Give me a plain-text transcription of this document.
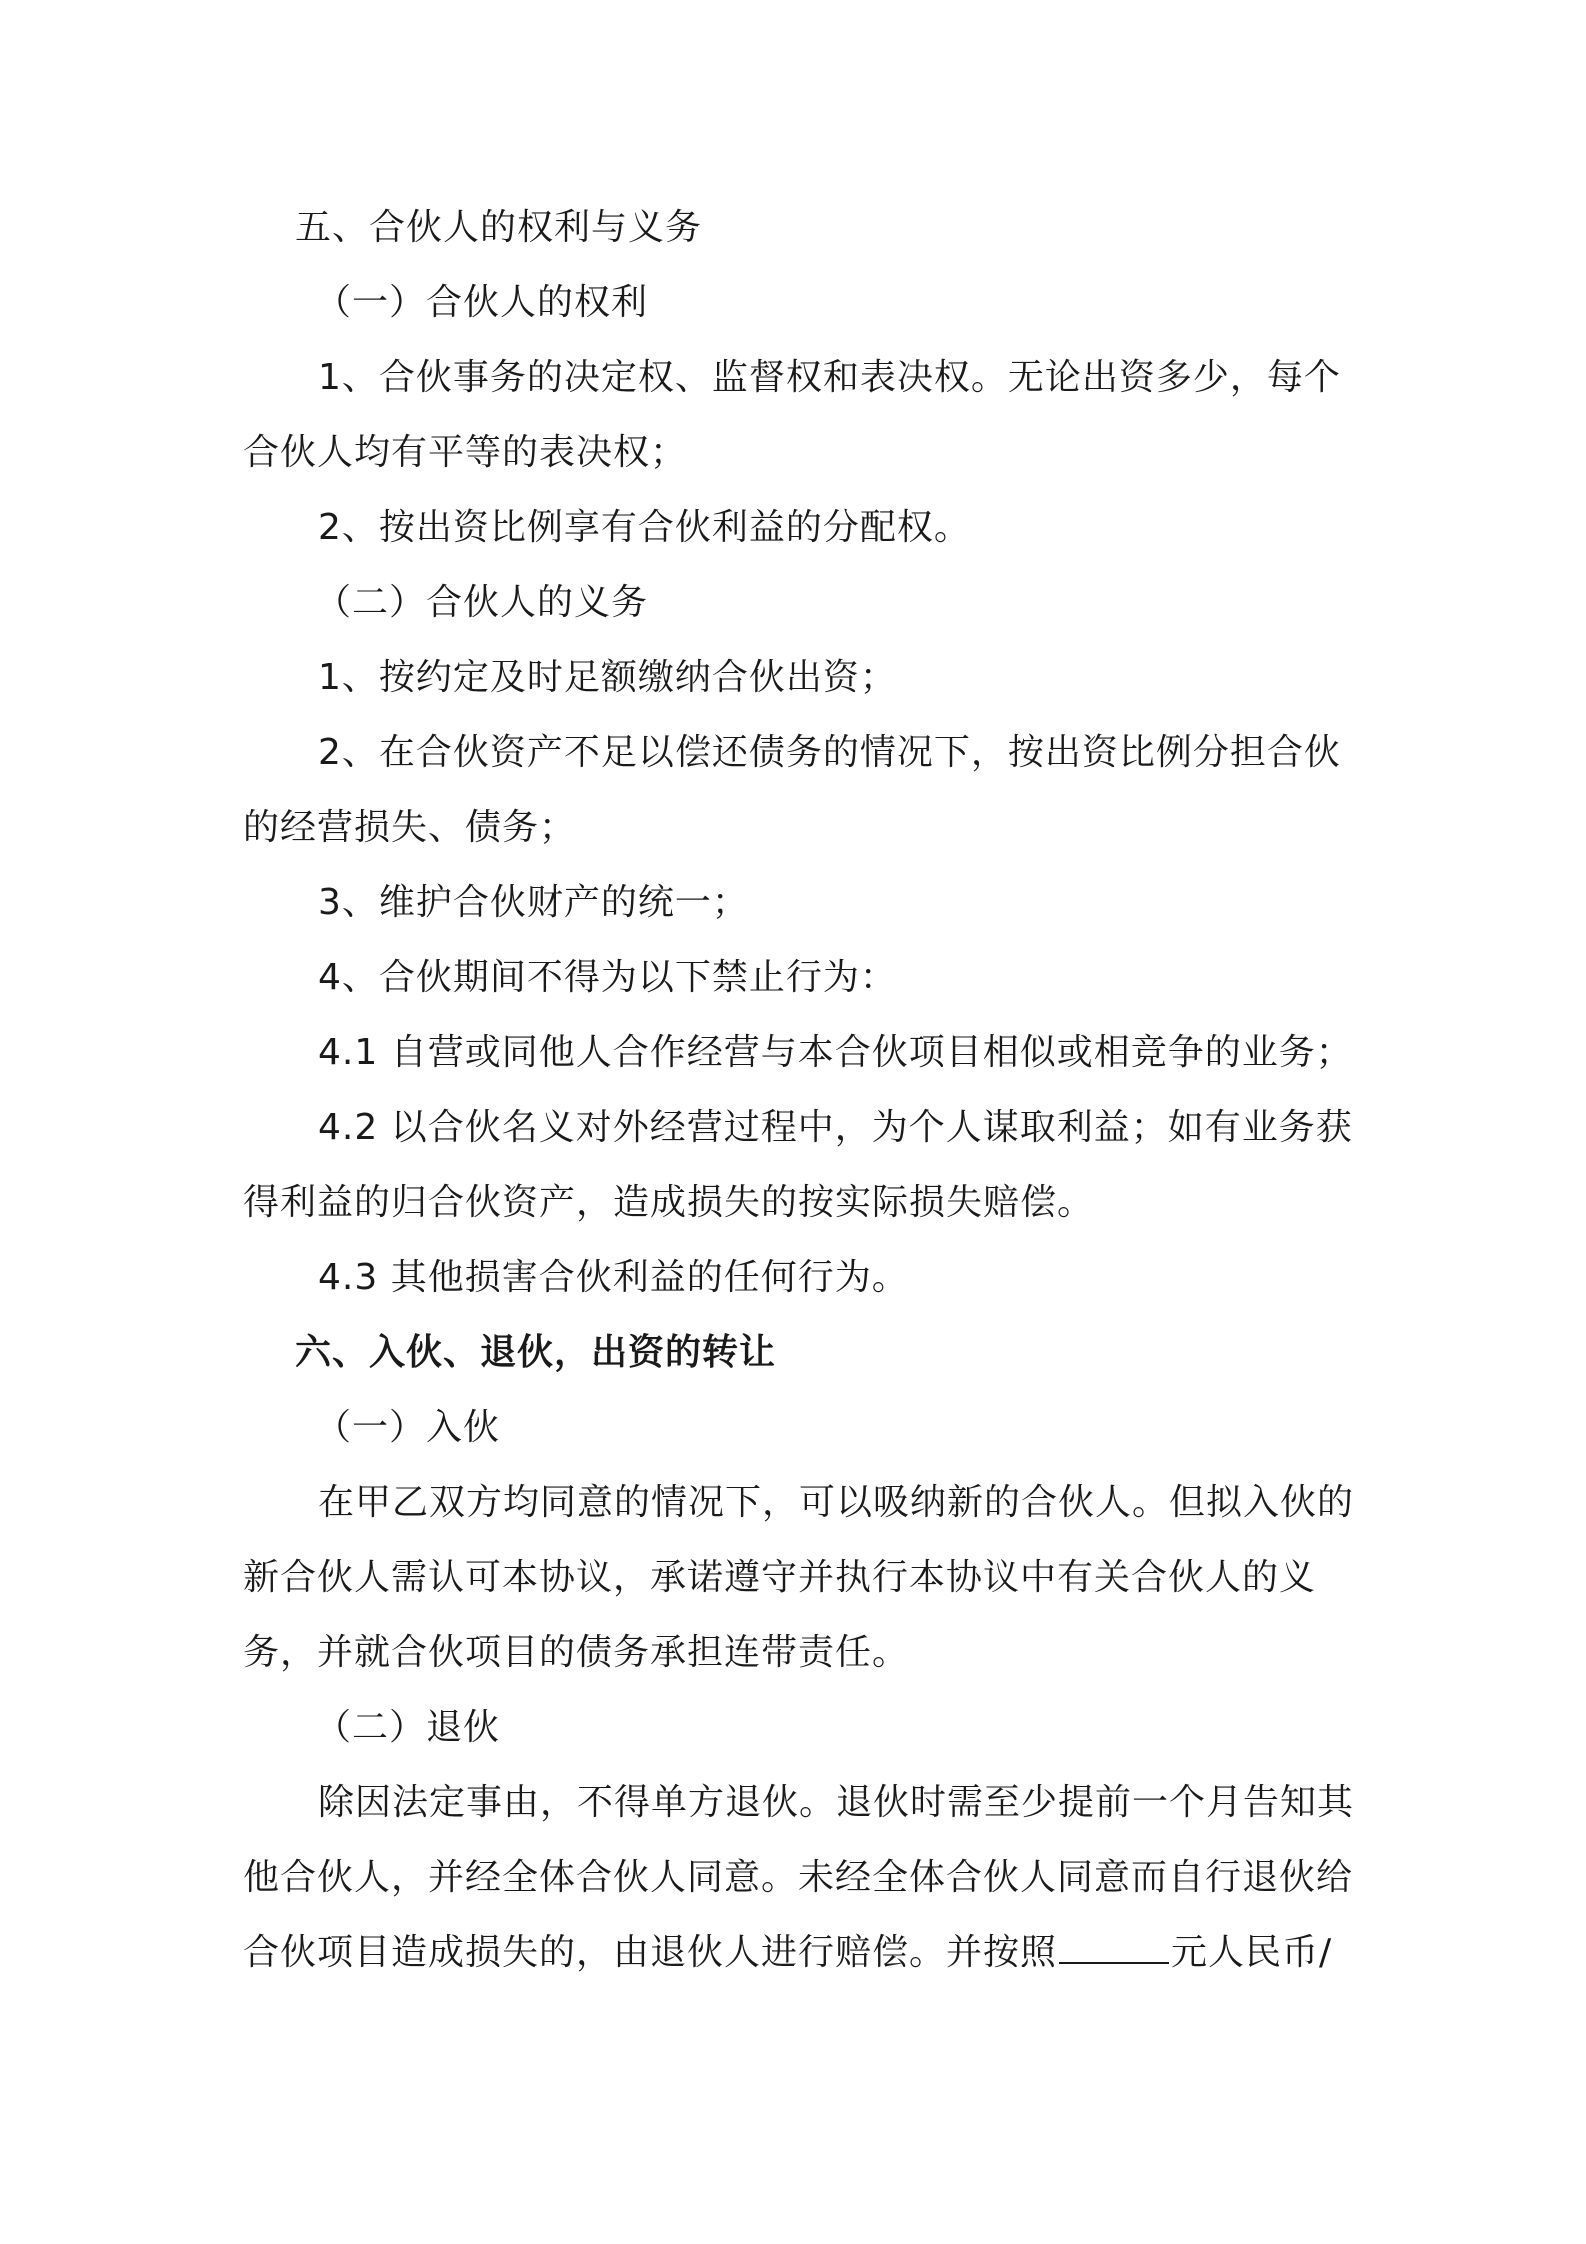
五、合伙人的权利与义务
（一）合伙人的权利
1、合伙事务的决定权、监督权和表决权。无论出资多少，每个
合伙人均有平等的表决权；
2、按出资比例享有合伙利益的分配权。
（二）合伙人的义务
1、按约定及时足额缴纳合伙出资；
2、在合伙资产不足以偿还债务的情况下，按出资比例分担合伙
的经营损失、债务；
3、维护合伙财产的统一；
4、合伙期间不得为以下禁止行为：
4.1 自营或同他人合作经营与本合伙项目相似或相竞争的业务；
4.2 以合伙名义对外经营过程中，为个人谋取利益；如有业务获
得利益的归合伙资产，造成损失的按实际损失赔偿。
4.3 其他损害合伙利益的任何行为。
六、入伙、退伙，出资的转让
（一）入伙
在甲乙双方均同意的情况下，可以吸纳新的合伙人。但拟入伙的
新合伙人需认可本协议，承诺遵守并执行本协议中有关合伙人的义
务，并就合伙项目的债务承担连带责任。
（二）退伙
除因法定事由，不得单方退伙。退伙时需至少提前一个月告知其
他合伙人，并经全体合伙人同意。未经全体合伙人同意而自行退伙给
合伙项目造成损失的，由退伙人进行赔偿。并按照	元人民币/
